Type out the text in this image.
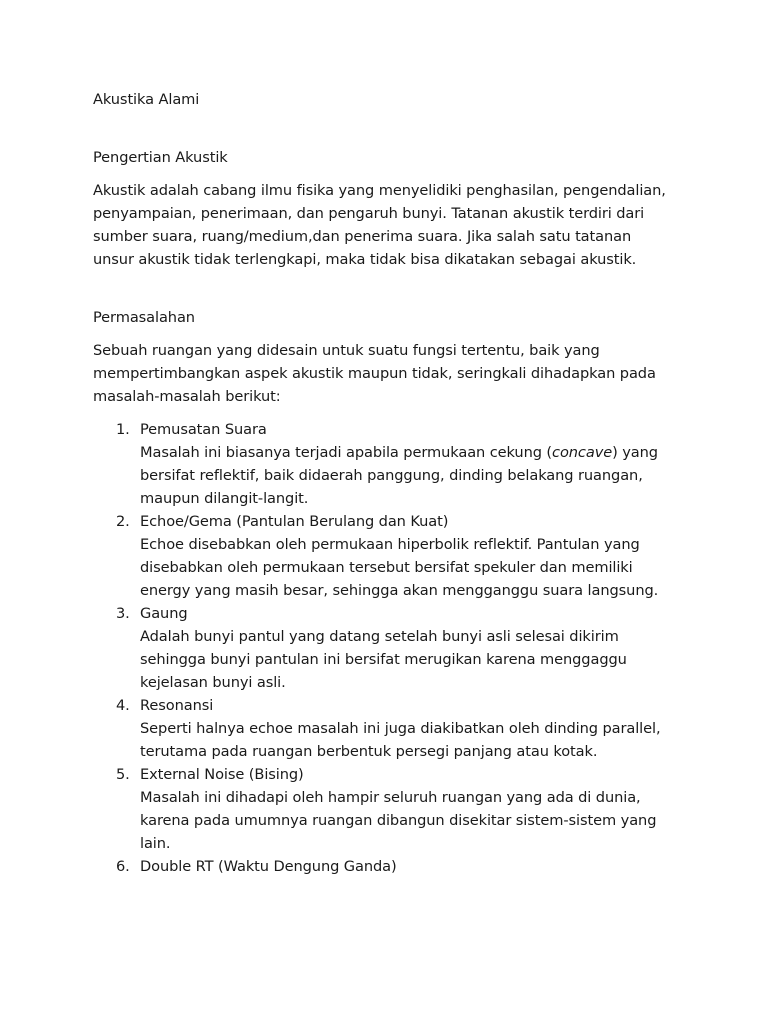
Akustika Alami
Pengertian Akustik

Akustik adalah cabang ilmu fisika yang menyelidiki penghasilan, pengendalian,
penyampaian, penerimaan, dan pengaruh bunyi. Tatanan akustik terdiri dari
sumber suara, ruang/medium,dan penerima suara. Jika salah satu tatanan
unsur akustik tidak terlengkapi, maka tidak bisa dikatakan sebagai akustik.

Permasalahan

Sebuah ruangan yang didesain untuk suatu fungsi tertentu, baik yang
mempertimbangkan aspek akustik maupun tidak, seringkali dihadapkan pada
masalah-masalah berikut:

1. Pemusatan Suara
Masalah ini biasanya terjadi apabila permukaan cekung (concave) yang
bersifat reflektif, baik didaerah panggung, dinding belakang ruangan,
maupun dilangit-langit.
2. Echoe/Gema (Pantulan Berulang dan Kuat)
Echoe disebabkan oleh permukaan hiperbolik reflektif. Pantulan yang
disebabkan oleh permukaan tersebut bersifat spekuler dan memiliki
energy yang masih besar, sehingga akan mengganggu suara langsung.
3. Gaung
Adalah bunyi pantul yang datang setelah bunyi asli selesai dikirim
sehingga bunyi pantulan ini bersifat merugikan karena menggaggu
kejelasan bunyi asli.
4. Resonansi
Seperti halnya echoe masalah ini juga diakibatkan oleh dinding parallel,
terutama pada ruangan berbentuk persegi panjang atau kotak.
5. External Noise (Bising)
Masalah ini dihadapi oleh hampir seluruh ruangan yang ada di dunia,
karena pada umumnya ruangan dibangun disekitar sistem-sistem yang
lain.
6. Double RT (Waktu Dengung Ganda)
